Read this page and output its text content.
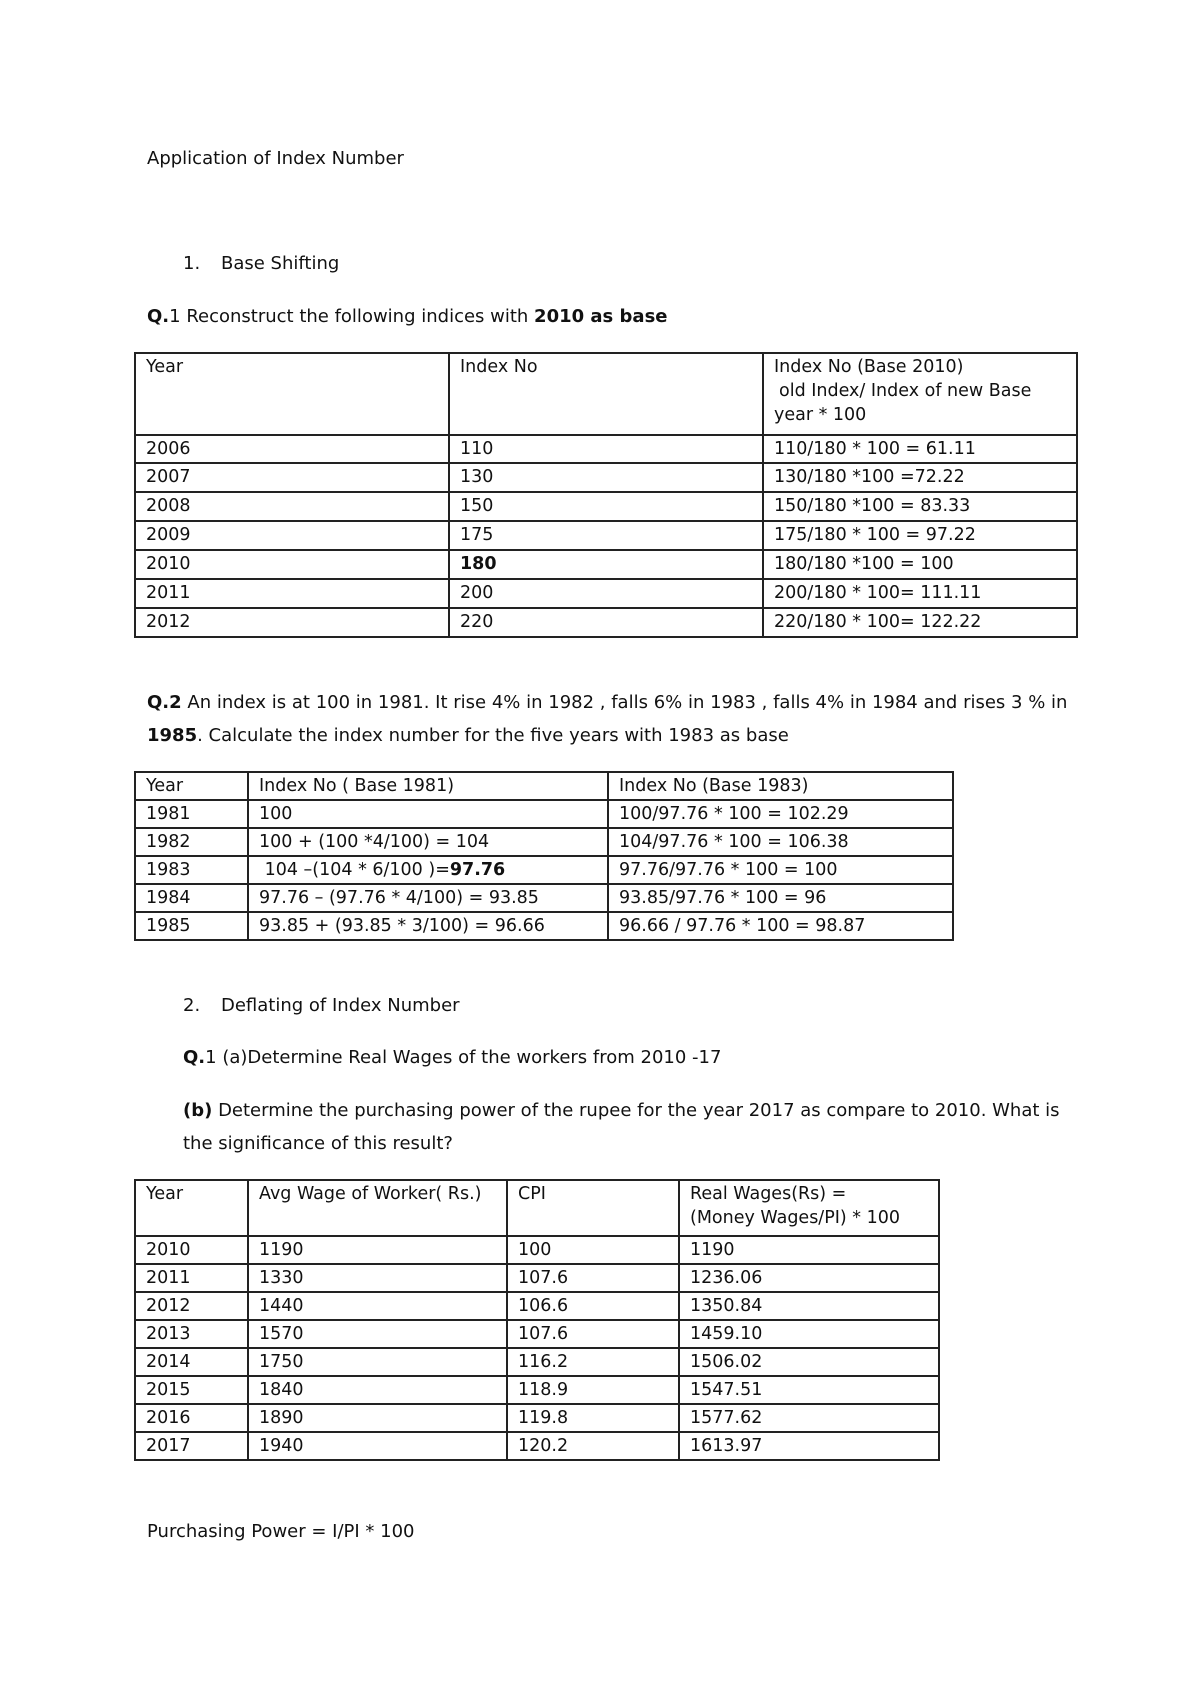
Application of Index Number
1. Base Shifting
Q.1 Reconstruct the following indices with 2010 as base
Year	Index No	Index No (Base 2010)
old Index/ Index of new Base
year * 100

2006	110	110/180 * 100 = 61.11
2007	130	130/180 *100 =72.22
2008	150	150/180 *100 = 83.33
2009	175	175/180 * 100 = 97.22
2010	180	180/180 *100 = 100
2011	200	200/180 * 100= 111.11
2012	220	220/180 * 100= 122.22

Q.2 An index is at 100 in 1981. It rise 4% in 1982 , falls 6% in 1983 , falls 4% in 1984 and rises 3 % in

1985. Calculate the index number for the five years with 1983 as base

Year	Index No ( Base 1981)	Index No (Base 1983)
1981	100	100/97.76 * 100 = 102.29
1982	100 + (100 *4/100) = 104	104/97.76 * 100 = 106.38
1983	104 –(104 * 6/100 )=97.76	97.76/97.76 * 100 = 100
1984	97.76 – (97.76 * 4/100) = 93.85	93.85/97.76 * 100 = 96
1985	93.85 + (93.85 * 3/100) = 96.66	96.66 / 97.76 * 100 = 98.87
2. Deflating of Index Number
Q.1 (a)Determine Real Wages of the workers from 2010 -17

(b) Determine the purchasing power of the rupee for the year 2017 as compare to 2010. What is

the significance of this result?

Year	Avg Wage of Worker( Rs.)	CPI	Real Wages(Rs) =
(Money Wages/PI) * 100

2010	1190	100	1190
2011	1330	107.6	1236.06
2012	1440	106.6	1350.84
2013	1570	107.6	1459.10
2014	1750	116.2	1506.02
2015	1840	118.9	1547.51
2016	1890	119.8	1577.62
2017	1940	120.2	1613.97
Purchasing Power = I/PI * 100
